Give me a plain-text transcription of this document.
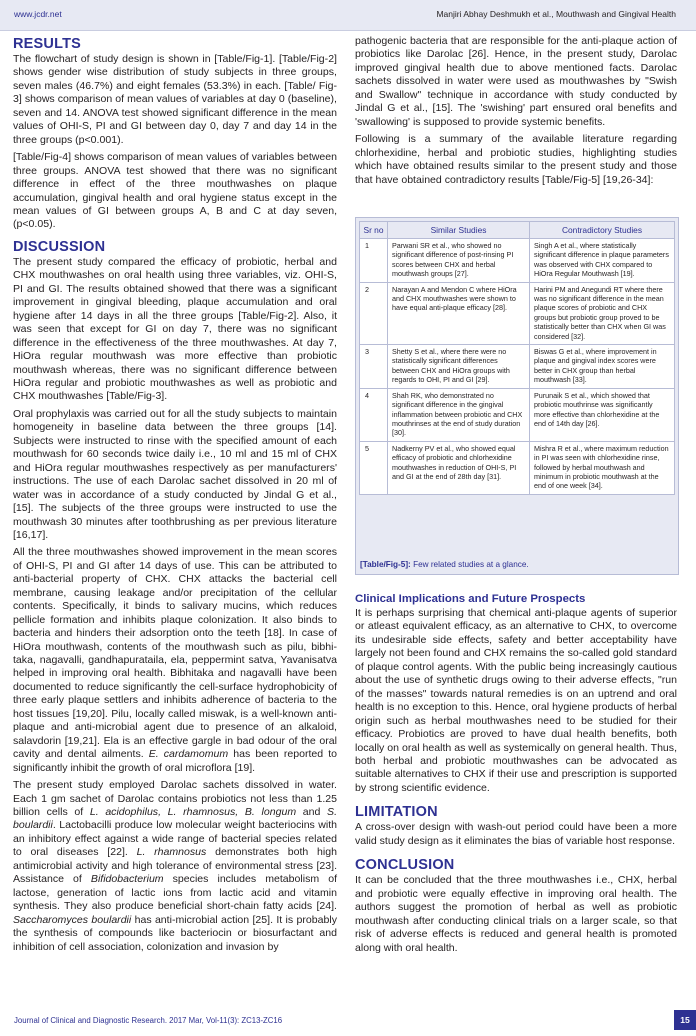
www.jcdr.net	Manjiri Abhay Deshmukh et al., Mouthwash and Gingival Health
RESULTS

The flowchart of study design is shown in [Table/Fig-1]. [Table/Fig-2] shows gender wise distribution of study subjects in three groups, seven males (46.7%) and eight females (53.3%) in each. [Table/ Fig-3] shows comparison of mean values of variables at day 0 (baseline), seven and 14. ANOVA test showed significant difference in the mean values of OHI-S, PI and GI between day 0, day 7 and day 14 in the three groups (p<0.001).

[Table/Fig-4] shows comparison of mean values of variables between three groups. ANOVA test showed that there was no significant difference in effect of the three mouthwashes on plaque accumulation, gingival health and oral hygiene status except in the mean values of GI between groups A, B and C at day seven, (p<0.05).

DISCUSSION

The present study compared the efficacy of probiotic, herbal and CHX mouthwashes on oral health using three variables, viz. OHI-S, PI and GI. The results obtained showed that there was a significant improvement in gingival bleeding, plaque accumulation and oral hygiene after 14 days in all the three groups [Table/Fig-2]. Also, it was seen that except for GI on day 7, there was no significant difference in the effectiveness of the three mouthwashes. At day 7, HiOra regular mouthwash was more effective than probiotic mouthwash whereas, there was no significant difference between HiOra regular and probiotic mouthwashes as well as probiotic and CHX mouthwashes [Table/Fig-3].

Oral prophylaxis was carried out for all the study subjects to maintain homogeneity in baseline data between the three groups [14]. Subjects were instructed to rinse with the specified amount of each mouthwash for 60 seconds twice daily i.e., 10 ml and 15 ml of CHX and HiOra regular mouthwashes respectively as per manufacturers' instructions. The use of each Darolac sachet dissolved in 20 ml of water was in accordance of a study conducted by Jindal G et al., [15]. The subjects of the three groups were instructed to use the mouthwash 30 minutes after toothbrushing as per previous literature [16,17].

All the three mouthwashes showed improvement in the mean scores of OHI-S, PI and GI after 14 days of use. This can be attributed to anti-bacterial property of CHX. CHX attacks the bacterial cell membrane, causing leakage and/or precipitation of the cellular contents. Specifically, it binds to salivary mucins, which reduces pellicle formation and inhibits plaque colonization. It also binds to bacteria and hinders their adsorption onto the teeth [18]. In case of HiOra mouthwash, contents of the mouthwash such as pilu, bibhi-taka, nagavalli, gandhapurataila, ela, peppermint satva, Yavanisatva helped in improving oral health. Bibhitaka and nagavalli have been documented to reduce significantly the cell-surface hydrophobicity of three early plaque settlers and inhibits adherence of bacteria to the host tissues [19,20]. Pilu, locally called miswak, is a well-known anti-plaque and anti-microbial agent due to presence of an alkaloid, salavdorin [19,21]. Ela is an effective gargle in bad odour of the oral cavity and dental ailments. E. cardamomum has been reported to significantly inhibit the growth of oral microflora [19].

The present study employed Darolac sachets dissolved in water. Each 1 gm sachet of Darolac contains probiotics not less than 1.25 billion cells of L. acidophilus, L. rhamnosus, B. longum and S. boulardii. Lactobacilli produce low molecular weight bacteriocins with an inhibitory effect against a wide range of bacterial species related to oral diseases [22]. L. rhamnosus demonstrates both high antimicrobial activity and high tolerance of environmental stress [23]. Assistance of Bifidobacterium species includes metabolism of lactose, generation of lactic ions from lactic acid and vitamin synthesis. They also produce beneficial short-chain fatty acids [24]. Saccharomyces boulardii has anti-microbial action [25]. It is probably the synthesis of compounds like bacteriocin or biosurfactant and inhibition of cell association, colonization and invasion by

pathogenic bacteria that are responsible for the anti-plaque action of probiotics like Darolac [26]. Hence, in the present study, Darolac improved gingival health due to above mentioned facts. Darolac sachets dissolved in water were used as mouthwashes by "Swish and Swallow" technique in accordance with study conducted by Jindal G et al., [15]. The 'swishing' part ensured oral benefits and 'swallowing' is supposed to provide systemic benefits.

Following is a summary of the available literature regarding chlorhexidine, herbal and probiotic studies, highlighting studies which have obtained results similar to the present study and those that have obtained contradictory results [Table/Fig-5] [19,26-34]:

Sr no	Similar Studies	Contradictory Studies
1	Parwani SR et al., who showed no significant difference of post-rinsing PI scores between CHX and herbal mouthwash groups [27].	Singh A et al., where statistically significant difference in plaque parameters was observed with CHX compared to HiOra Regular Mouthwash [19].
2	Narayan A and Mendon C where HiOra and CHX mouthwashes were shown to have equal anti-plaque efficacy [28].	Harini PM and Anegundi RT where there was no significant difference in the mean plaque scores of probiotic and CHX groups but probiotic group proved to be statistically better than CHX when GI was considered [32].
3	Shetty S et al., where there were no statistically significant differences between CHX and HiOra groups with regards to OHI, PI and GI [29].	Biswas G et al., where improvement in plaque and gingival index scores were better in CHX group than herbal mouthwash [33].
4	Shah RK, who demonstrated no significant difference in the gingival inflammation between probiotic and CHX mouthrinses at the end of study duration [30].	Purunaik S et al., which showed that probiotic mouthrinse was significantly more effective than chlorhexidine at the end of 14th day [26].
5	Nadkerny PV et al., who showed equal efficacy of probiotic and chlorhexidine mouthwashes in reduction of OHI-S, PI and GI at the end of 28th day [31].	Mishra R et al., where maximum reduction in PI was seen with chlorhexidine rinse, followed by herbal mouthwash and minimum in probiotic mouthwash at the end of one week [34].
[Table/Fig-5]: Few related studies at a glance.
Clinical Implications and Future Prospects

It is perhaps surprising that chemical anti-plaque agents of superior or atleast equivalent efficacy, as an alternative to CHX, to overcome its undesirable side effects, safety and better acceptability have largely not been found and CHX remains the so-called gold standard of plaque control agents. With the public being increasingly cautious about the use of synthetic drugs owing to their adverse effects, "run of the masses" towards natural remedies is on an uptrend and oral health is no exception to this. Hence, oral hygiene products of herbal origin such as herbal mouthwashes need to be studied for their efficacy. Probiotics are proved to have dual health benefits, both locally on oral health as well as systemically on general health. Thus, both herbal and probiotic mouthwashes can be advocated as suitable alternatives to CHX if their use and prescription is supported by strong scientific evidence.

LIMITATION

A cross-over design with wash-out period could have been a more valid study design as it eliminates the bias of variable host response.

CONCLUSION

It can be concluded that the three mouthwashes i.e., CHX, herbal and probiotic were equally effective in improving oral health. The authors suggest the promotion of herbal as well as probiotic mouthwash after conducting clinical trials on a larger scale, so that risk of adverse effects is reduced and general health is promoted along with oral health.

Journal of Clinical and Diagnostic Research. 2017 Mar, Vol-11(3): ZC13-ZC16	15
